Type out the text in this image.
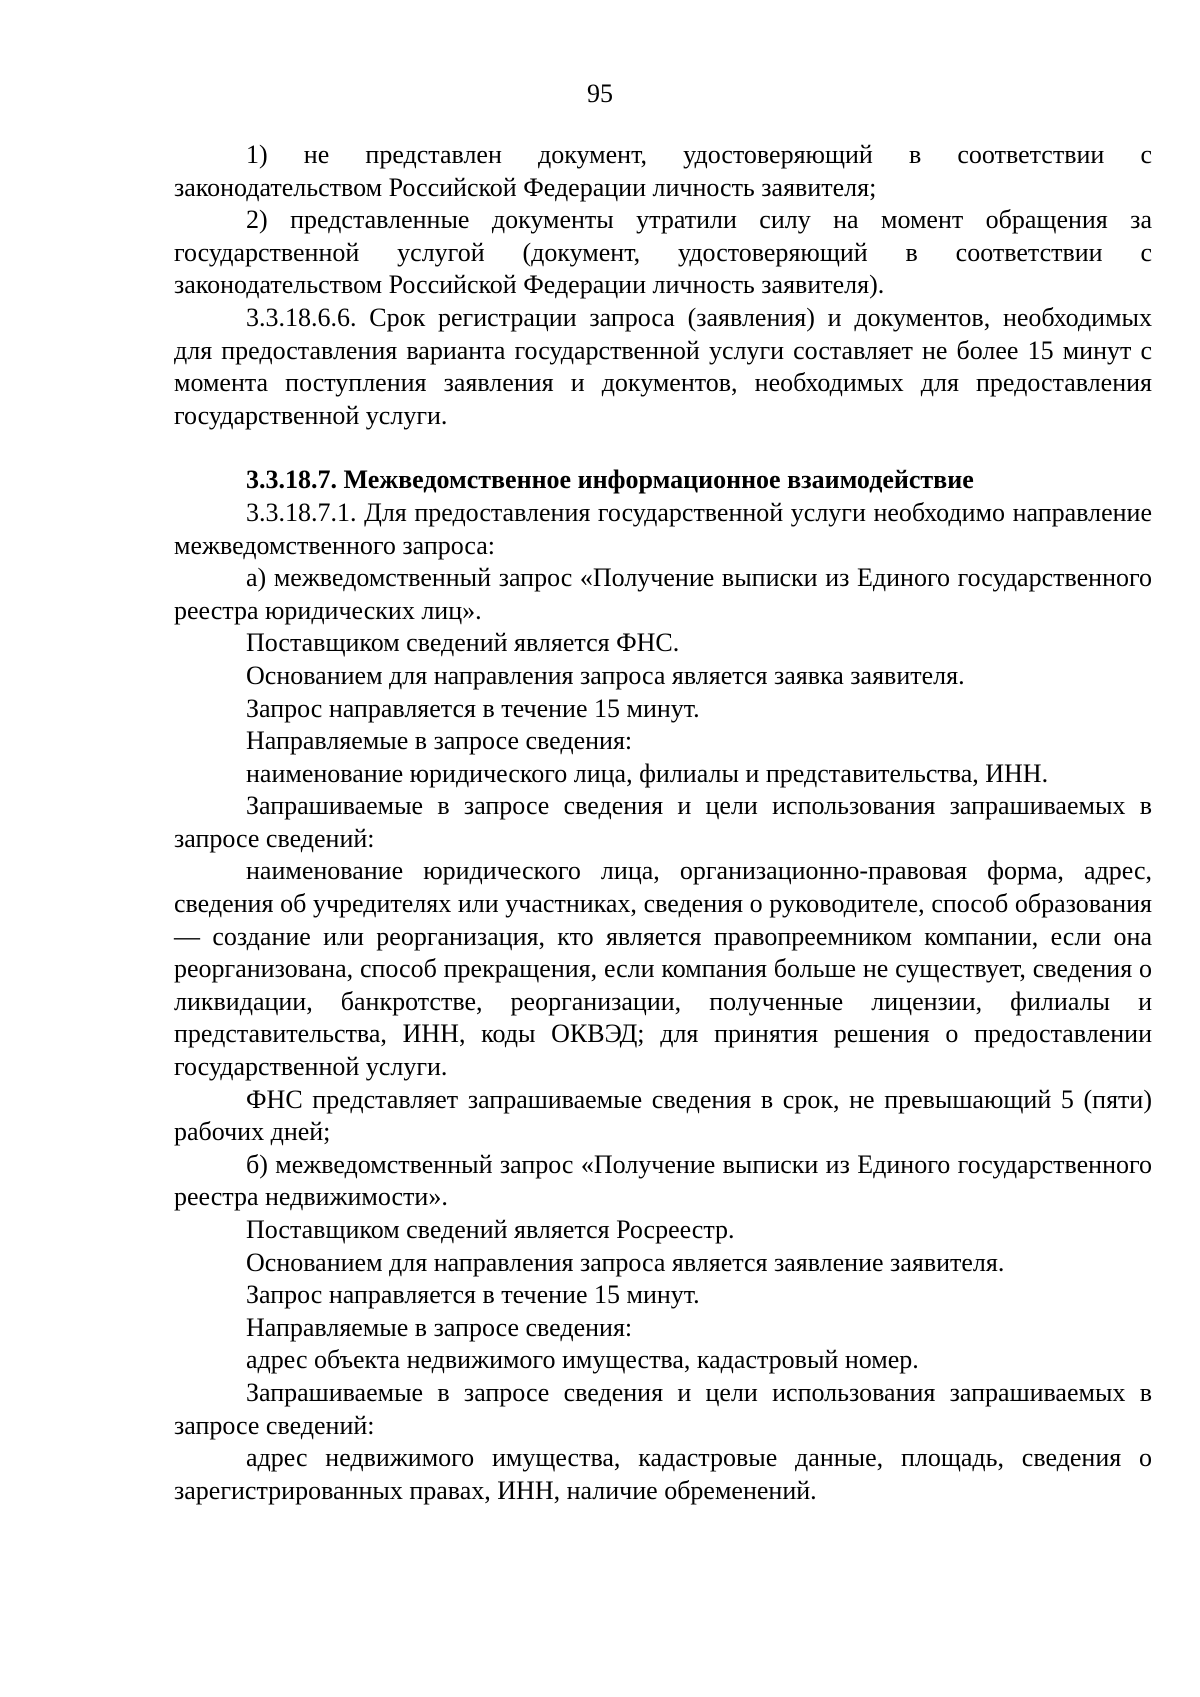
95

1) не представлен документ, удостоверяющий в соответствии с законодательством Российской Федерации личность заявителя;

2) представленные документы утратили силу на момент обращения за государственной услугой (документ, удостоверяющий в соответствии с законодательством Российской Федерации личность заявителя).

3.3.18.6.6. Срок регистрации запроса (заявления) и документов, необходимых для предоставления варианта государственной услуги составляет не более 15 минут с момента поступления заявления и документов, необходимых для предоставления государственной услуги.

3.3.18.7. Межведомственное информационное взаимодействие

3.3.18.7.1. Для предоставления государственной услуги необходимо направление межведомственного запроса:

а) межведомственный запрос «Получение выписки из Единого государственного реестра юридических лиц».

Поставщиком сведений является ФНС.

Основанием для направления запроса является заявка заявителя.

Запрос направляется в течение 15 минут.

Направляемые в запросе сведения:

наименование юридического лица, филиалы и представительства, ИНН.

Запрашиваемые в запросе сведения и цели использования запрашиваемых в запросе сведений:

наименование юридического лица, организационно-правовая форма, адрес, сведения об учредителях или участниках, сведения о руководителе, способ образования — создание или реорганизация, кто является правопреемником компании, если она реорганизована, способ прекращения, если компания больше не существует, сведения о ликвидации, банкротстве, реорганизации, полученные лицензии, филиалы и представительства, ИНН, коды ОКВЭД; для принятия решения о предоставлении государственной услуги.

ФНС представляет запрашиваемые сведения в срок, не превышающий 5 (пяти) рабочих дней;

б) межведомственный запрос «Получение выписки из Единого государственного реестра недвижимости».

Поставщиком сведений является Росреестр.

Основанием для направления запроса является заявление заявителя.

Запрос направляется в течение 15 минут.

Направляемые в запросе сведения:

адрес объекта недвижимого имущества, кадастровый номер.

Запрашиваемые в запросе сведения и цели использования запрашиваемых в запросе сведений:

адрес недвижимого имущества, кадастровые данные, площадь, сведения о зарегистрированных правах, ИНН, наличие обременений.
